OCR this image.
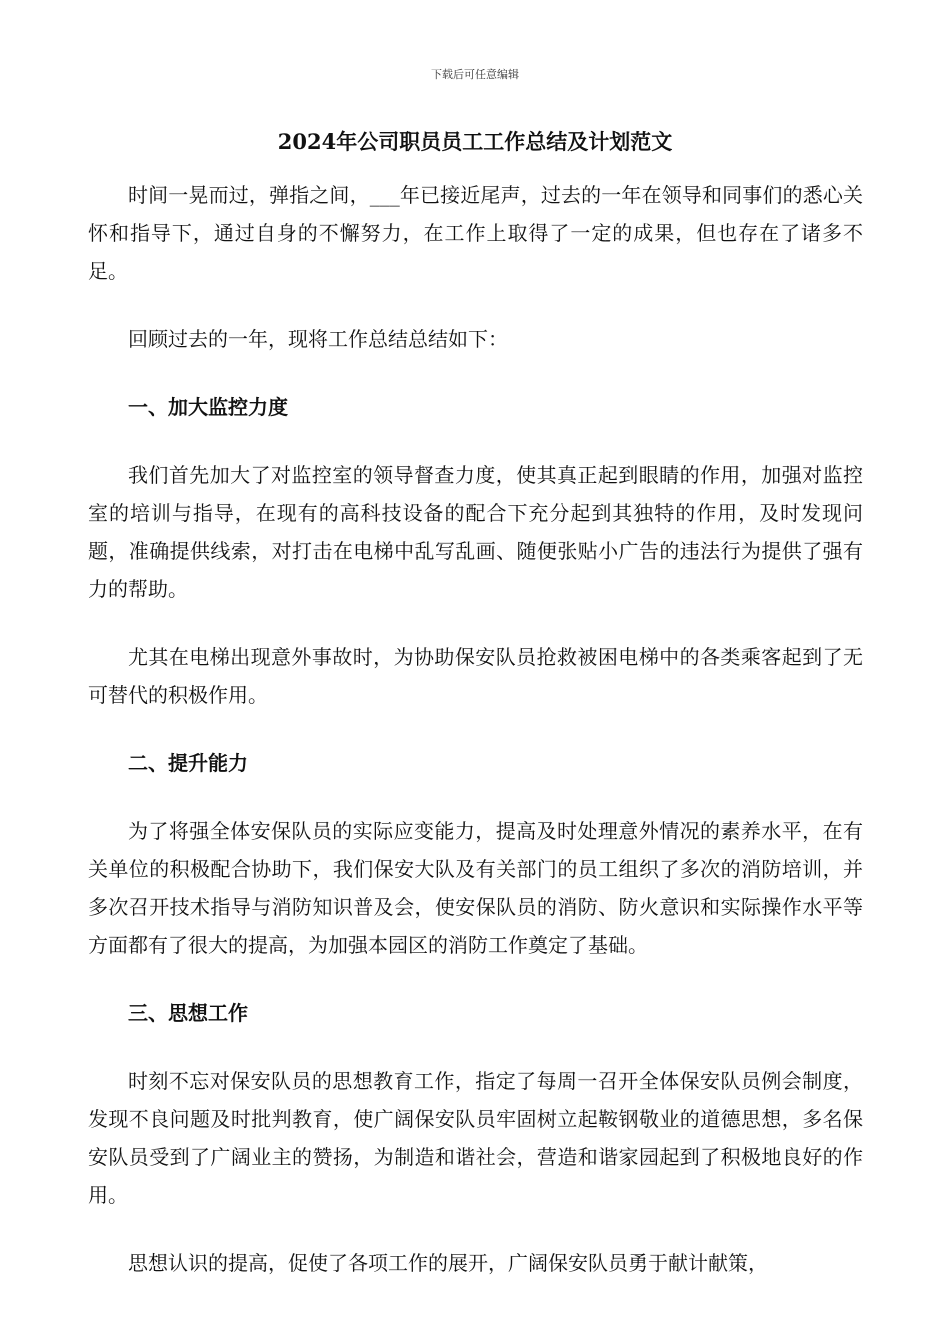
下载后可任意编辑
2024年公司职员员工工作总结及计划范文

时间一晃而过，弹指之间，___年已接近尾声，过去的一年在领导和同事们的悉心关怀和指导下，通过自身的不懈努力，在工作上取得了一定的成果，但也存在了诸多不足。

回顾过去的一年，现将工作总结总结如下：

一、加大监控力度

我们首先加大了对监控室的领导督查力度，使其真正起到眼睛的作用，加强对监控室的培训与指导，在现有的高科技设备的配合下充分起到其独特的作用，及时发现问题，准确提供线索，对打击在电梯中乱写乱画、随便张贴小广告的违法行为提供了强有力的帮助。

尤其在电梯出现意外事故时，为协助保安队员抢救被困电梯中的各类乘客起到了无可替代的积极作用。

二、提升能力

为了将强全体安保队员的实际应变能力，提高及时处理意外情况的素养水平，在有关单位的积极配合协助下，我们保安大队及有关部门的员工组织了多次的消防培训，并多次召开技术指导与消防知识普及会，使安保队员的消防、防火意识和实际操作水平等方面都有了很大的提高，为加强本园区的消防工作奠定了基础。

三、思想工作

时刻不忘对保安队员的思想教育工作，指定了每周一召开全体保安队员例会制度，发现不良问题及时批判教育，使广阔保安队员牢固树立起鞍钢敬业的道德思想，多名保安队员受到了广阔业主的赞扬，为制造和谐社会，营造和谐家园起到了积极地良好的作用。

思想认识的提高，促使了各项工作的展开，广阔保安队员勇于献计献策，
